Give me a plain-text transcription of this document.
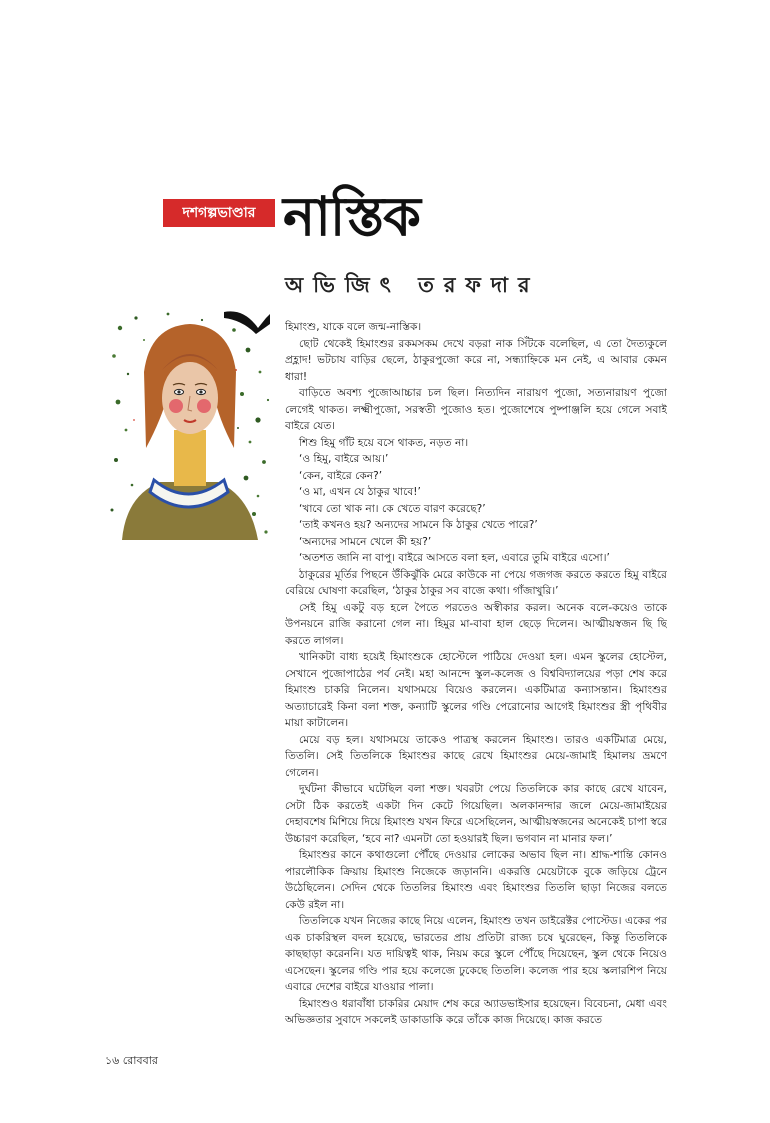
দশগল্পভাণ্ডার নাস্তিক
অভিজিৎ তরফদার

হিমাংশু, যাকে বলে জন্ম-নাস্তিক।

ছোট থেকেই হিমাংশুর রকমসকম দেখে বড়রা নাক সিঁটকে বলেছিল, এ তো দৈত্যকুলে প্রহ্লাদ! ভটচায বাড়ির ছেলে, ঠাকুরপুজো করে না, সন্ধ্যাহ্নিকে মন নেই, এ আবার কেমন ধারা!

বাড়িতে অবশ্য পুজোআচ্চার চল ছিল। নিত্যদিন নারায়ণ পুজো, সত্যনারায়ণ পুজো লেগেই থাকত। লক্ষ্মীপুজো, সরস্বতী পুজোও হত। পুজোশেষে পুষ্পাঞ্জলি হয়ে গেলে সবাই বাইরে যেত।

শিশু হিমু গাঁট হয়ে বসে থাকত, নড়ত না।

‘ও হিমু, বাইরে আয়।’

‘কেন, বাইরে কেন?’

‘ও মা, এখন যে ঠাকুর খাবে!’

‘খাবে তো খাক না। কে খেতে বারণ করেছে?’

‘তাই কখনও হয়? অন্যদের সামনে কি ঠাকুর খেতে পারে?’

‘অন্যদের সামনে খেলে কী হয়?’

‘অতশত জানি না বাপু। বাইরে আসতে বলা হল, এবারে তুমি বাইরে এসো।’

ঠাকুরের মূর্তির পিছনে উঁকিঝুঁকি মেরে কাউকে না পেয়ে গজগজ করতে করতে হিমু বাইরে বেরিয়ে ঘোষণা করেছিল, ‘ঠাকুর ঠাকুর সব বাজে কথা। গাঁজাখুরি।’

সেই হিমু একটু বড় হলে পৈতে পরতেও অস্বীকার করল। অনেক বলে-কয়েও তাকে উপনয়নে রাজি করানো গেল না। হিমুর মা-বাবা হাল ছেড়ে দিলেন। আত্মীয়স্বজন ছি ছি করতে লাগল।

খানিকটা বাধ্য হয়েই হিমাংশুকে হোস্টেলে পাঠিয়ে দেওয়া হল। এমন স্কুলের হোস্টেল, সেখানে পুজোপাঠের পর্ব নেই। মহা আনন্দে স্কুল-কলেজ ও বিশ্ববিদ্যালয়ের পড়া শেষ করে হিমাংশু চাকরি নিলেন। যথাসময়ে বিয়েও করলেন। একটিমাত্র কন্যাসন্তান। হিমাংশুর অত্যাচারেই কিনা বলা শক্ত, কন্যাটি স্কুলের গণ্ডি পেরোনোর আগেই হিমাংশুর স্ত্রী পৃথিবীর মায়া কাটালেন।

মেয়ে বড় হল। যথাসময়ে তাকেও পাত্রস্থ করলেন হিমাংশু। তারও একটিমাত্র মেয়ে, তিতলি। সেই তিতলিকে হিমাংশুর কাছে রেখে হিমাংশুর মেয়ে-জামাই হিমালয় ভ্রমণে গেলেন।

দুর্ঘটনা কীভাবে ঘটেছিল বলা শক্ত। খবরটা পেয়ে তিতলিকে কার কাছে রেখে যাবেন, সেটা ঠিক করতেই একটা দিন কেটে গিয়েছিল। অলকানন্দার জলে মেয়ে-জামাইয়ের দেহাবশেষ মিশিয়ে দিয়ে হিমাংশু যখন ফিরে এসেছিলেন, আত্মীয়স্বজনের অনেকেই চাপা স্বরে উচ্চারণ করেছিল, ‘হবে না? এমনটা তো হওয়ারই ছিল। ভগবান না মানার ফল।’

হিমাংশুর কানে কথাগুলো পৌঁছে দেওয়ার লোকের অভাব ছিল না। শ্রাদ্ধ-শান্তি কোনও পারলৌকিক ক্রিয়ায় হিমাংশু নিজেকে জড়াননি। একরত্তি মেয়েটাকে বুকে জড়িয়ে ট্রেনে উঠেছিলেন। সেদিন থেকে তিতলির হিমাংশু এবং হিমাংশুর তিতলি ছাড়া নিজের বলতে কেউ রইল না।

তিতলিকে যখন নিজের কাছে নিয়ে এলেন, হিমাংশু তখন ডাইরেক্টর পোস্টেড। একের পর এক চাকরিস্থল বদল হয়েছে, ভারতের প্রায় প্রতিটা রাজ্য চষে ঘুরেছেন, কিন্তু তিতলিকে কাছছাড়া করেননি। যত দায়িত্বই থাক, নিয়ম করে স্কুলে পৌঁছে দিয়েছেন, স্কুল থেকে নিয়েও এসেছেন। স্কুলের গণ্ডি পার হয়ে কলেজে ঢুকেছে তিতলি। কলেজ পার হয়ে স্কলারশিপ নিয়ে এবারে দেশের বাইরে যাওয়ার পালা।

হিমাংশুও ধরাবাঁধা চাকরির মেয়াদ শেষ করে অ্যাডভাইসার হয়েছেন। বিবেচনা, মেধা এবং অভিজ্ঞতার সুবাদে সকলেই ডাকাডাকি করে তাঁকে কাজ দিয়েছে। কাজ করতে

১৬ রোববার
